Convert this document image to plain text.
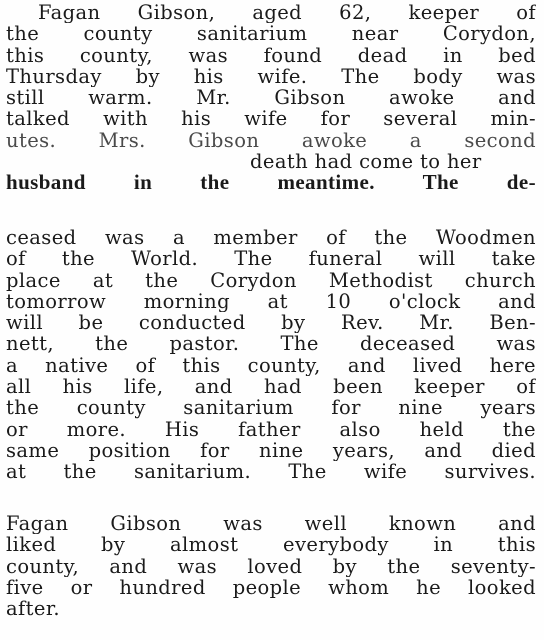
Fagan Gibson, aged 62, keeper of
the county sanitarium near Corydon,
this county, was found dead in bed
Thursday by his wife. The body was
still warm. Mr. Gibson awoke and
talked with his wife for several min-
utes. Mrs. Gibson awoke a second
death had come to her
husband in the meantime. The de-
ceased was a member of the Woodmen
of the World. The funeral will take
place at the Corydon Methodist church
tomorrow morning at 10 o'clock and
will be conducted by Rev. Mr. Ben-
nett, the pastor. The deceased was
a native of this county, and lived here
all his life, and had been keeper of
the county sanitarium for nine years
or more. His father also held the
same position for nine years, and died
at the sanitarium. The wife survives.
Fagan Gibson was well known and
liked by almost everybody in this
county, and was loved by the seventy-
five or hundred people whom he looked
after.
